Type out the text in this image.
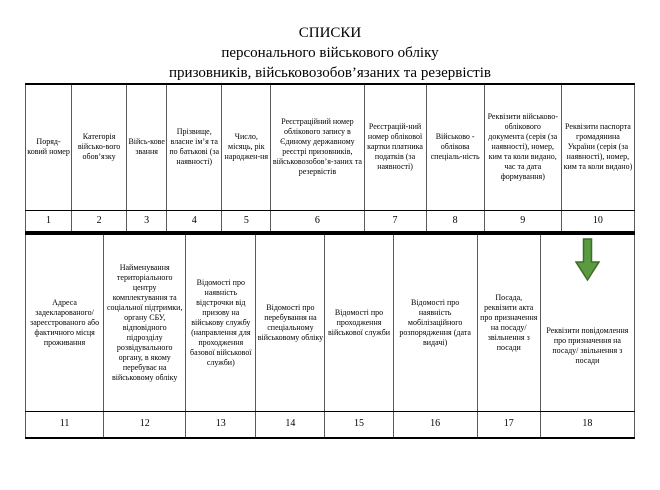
СПИСКИ
персонального військового обліку
призовників, військовозобов’язаних та резервістів
Поряд-ковий номер	Категорія військо-вого обов’язку	Війсь-кове звання	Прізвище, власне ім’я та по батькові (за наявності)	Число, місяць, рік народжен-ня	Реєстраційний номер облікового запису в Єдиному державному реєстрі призовників, військовозобов’я-заних та резервістів	Реєстрацій-ний номер облікової картки платника податків (за наявності)	Військово - облікова спеціаль-ність	Реквізити військово-облікового документа (серія (за наявності), номер, ким та коли видано, час та дата формування)	Реквізити паспорта громадянина України (серія (за наявності), номер, ким та коли видано)
1	2	3	4	5	6	7	8	9	10
Адреса задекларованого/ зареєстрованого або фактичного місця проживання	Найменування територіального центру комплектування та соціальної підтримки, органу СБУ, відповідного підрозділу розвідувального органу, в якому перебуває на військовому обліку	Відомості про наявність відстрочки від призову на військову службу (направлення для проходження базової військової служби)	Відомості про перебування на спеціальному військовому обліку	Відомості про проходження військової служби	Відомості про наявність мобілізаційного розпорядження (дата видачі)	Посада, реквізити акта про призначення на посаду/ звільнення з посади	Реквізити повідомлення про призначення на посаду/ звільнення з посади

11	12	13	14	15	16	17	18
